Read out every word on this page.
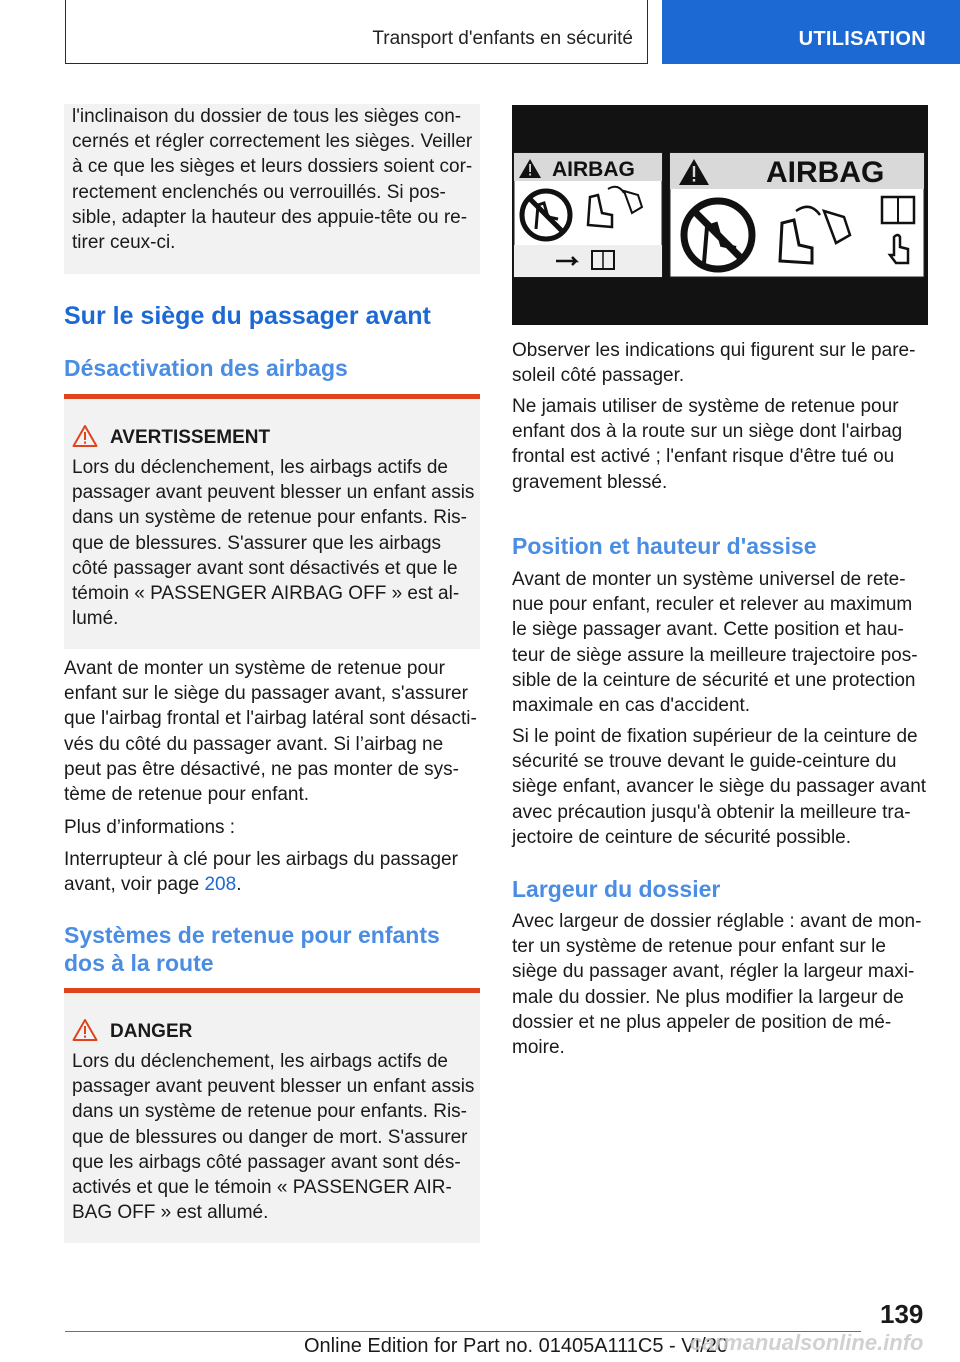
Transport d'enfants en sécurité	UTILISATION

l'inclinaison du dossier de tous les sièges con-
cernés et régler correctement les sièges. Veiller
à ce que les sièges et leurs dossiers soient cor-
rectement enclenchés ou verrouillés. Si pos-
sible, adapter la hauteur des appuie-tête ou re-
tirer ceux-ci.

Sur le siège du passager avant
Désactivation des airbags
AVERTISSEMENT

Lors du déclenchement, les airbags actifs de
passager avant peuvent blesser un enfant assis
dans un système de retenue pour enfants. Ris-
que de blessures. S'assurer que les airbags
côté passager avant sont désactivés et que le
témoin « PASSENGER AIRBAG OFF » est al-
lumé.

Avant de monter un système de retenue pour
enfant sur le siège du passager avant, s'assurer
que l'airbag frontal et l'airbag latéral sont désacti-
vés du côté du passager avant. Si l’airbag ne
peut pas être désactivé, ne pas monter de sys-
tème de retenue pour enfant.

Plus d’informations :

Interrupteur à clé pour les airbags du passager
avant, voir page 208.

Systèmes de retenue pour enfants
dos à la route
DANGER

Lors du déclenchement, les airbags actifs de
passager avant peuvent blesser un enfant assis
dans un système de retenue pour enfants. Ris-
que de blessures ou danger de mort. S'assurer
que les airbags côté passager avant sont dés-
activés et que le témoin « PASSENGER AIR-
BAG OFF » est allumé.

AIRBAG	AIRBAG

Observer les indications qui figurent sur le pare-
soleil côté passager.

Ne jamais utiliser de système de retenue pour
enfant dos à la route sur un siège dont l'airbag
frontal est activé ; l'enfant risque d'être tué ou
gravement blessé.

Position et hauteur d'assise

Avant de monter un système universel de rete-
nue pour enfant, reculer et relever au maximum
le siège passager avant. Cette position et hau-
teur de siège assure la meilleure trajectoire pos-
sible de la ceinture de sécurité et une protection
maximale en cas d'accident.

Si le point de fixation supérieur de la ceinture de
sécurité se trouve devant le guide-ceinture du
siège enfant, avancer le siège du passager avant
avec précaution jusqu'à obtenir la meilleure tra-
jectoire de ceinture de sécurité possible.

Largeur du dossier

Avec largeur de dossier réglable : avant de mon-
ter un système de retenue pour enfant sur le
siège du passager avant, régler la largeur maxi-
male du dossier. Ne plus modifier la largeur de
dossier et ne plus appeler de position de mé-
moire.

139
Online Edition for Part no. 01405A111C5 - VI/20
carmanualsonline.info
